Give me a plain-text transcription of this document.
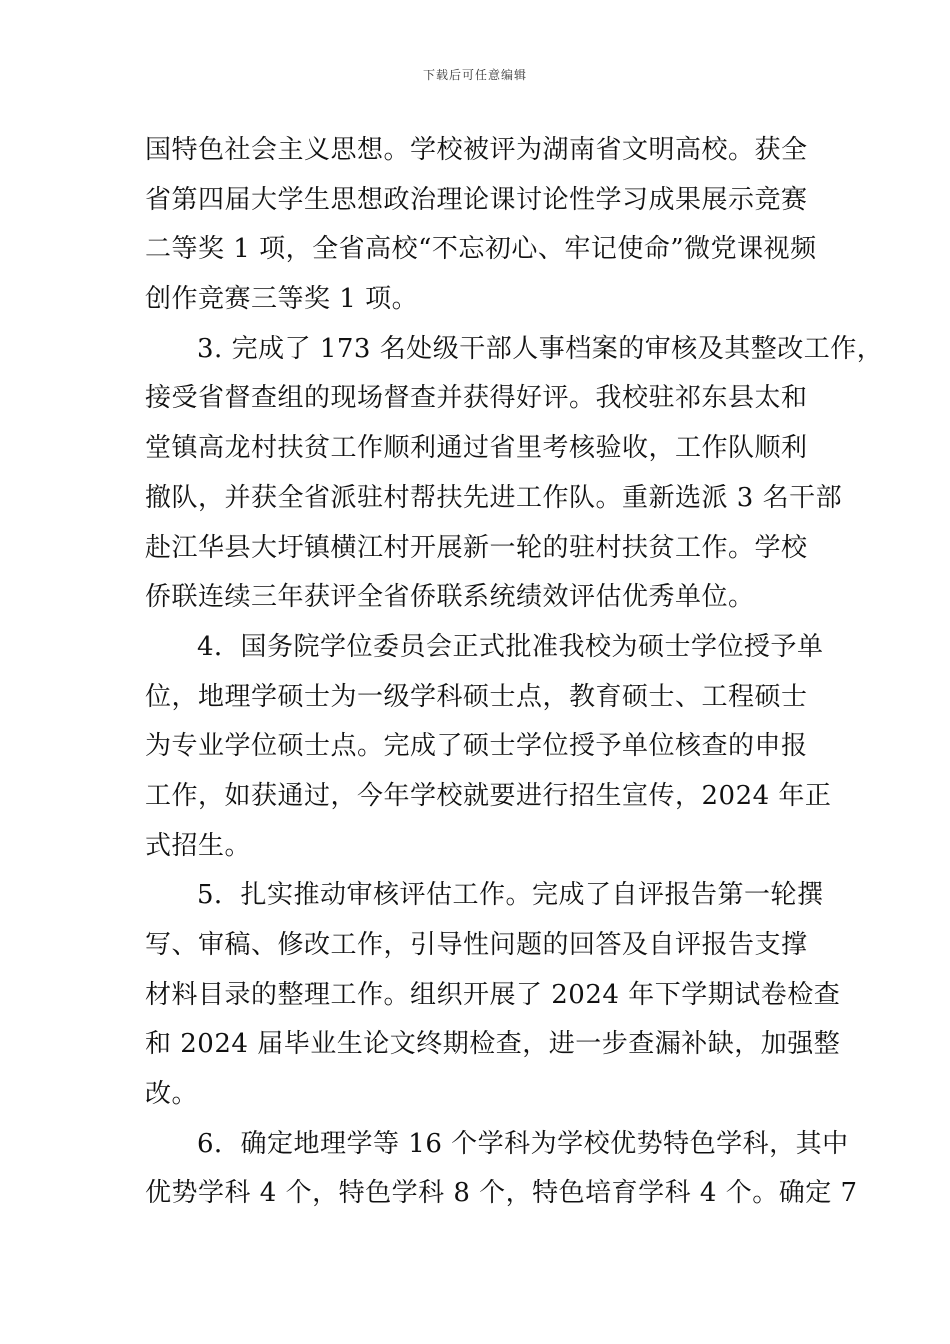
下载后可任意编辑
国特色社会主义思想。学校被评为湖南省文明高校。获全
省第四届大学生思想政治理论课讨论性学习成果展示竞赛
二等奖 1 项，全省高校“不忘初心、牢记使命”微党课视频
创作竞赛三等奖 1 项。
3. 完成了 173 名处级干部人事档案的审核及其整改工作，
接受省督查组的现场督查并获得好评。我校驻祁东县太和
堂镇高龙村扶贫工作顺利通过省里考核验收，工作队顺利
撤队，并获全省派驻村帮扶先进工作队。重新选派 3 名干部
赴江华县大圩镇横江村开展新一轮的驻村扶贫工作。学校
侨联连续三年获评全省侨联系统绩效评估优秀单位。
4．国务院学位委员会正式批准我校为硕士学位授予单
位，地理学硕士为一级学科硕士点，教育硕士、工程硕士
为专业学位硕士点。完成了硕士学位授予单位核查的申报
工作，如获通过，今年学校就要进行招生宣传，2024 年正
式招生。
5．扎实推动审核评估工作。完成了自评报告第一轮撰
写、审稿、修改工作，引导性问题的回答及自评报告支撑
材料目录的整理工作。组织开展了 2024 年下学期试卷检查
和 2024 届毕业生论文终期检查，进一步查漏补缺，加强整
改。
6．确定地理学等 16 个学科为学校优势特色学科，其中
优势学科 4 个，特色学科 8 个，特色培育学科 4 个。确定 7
